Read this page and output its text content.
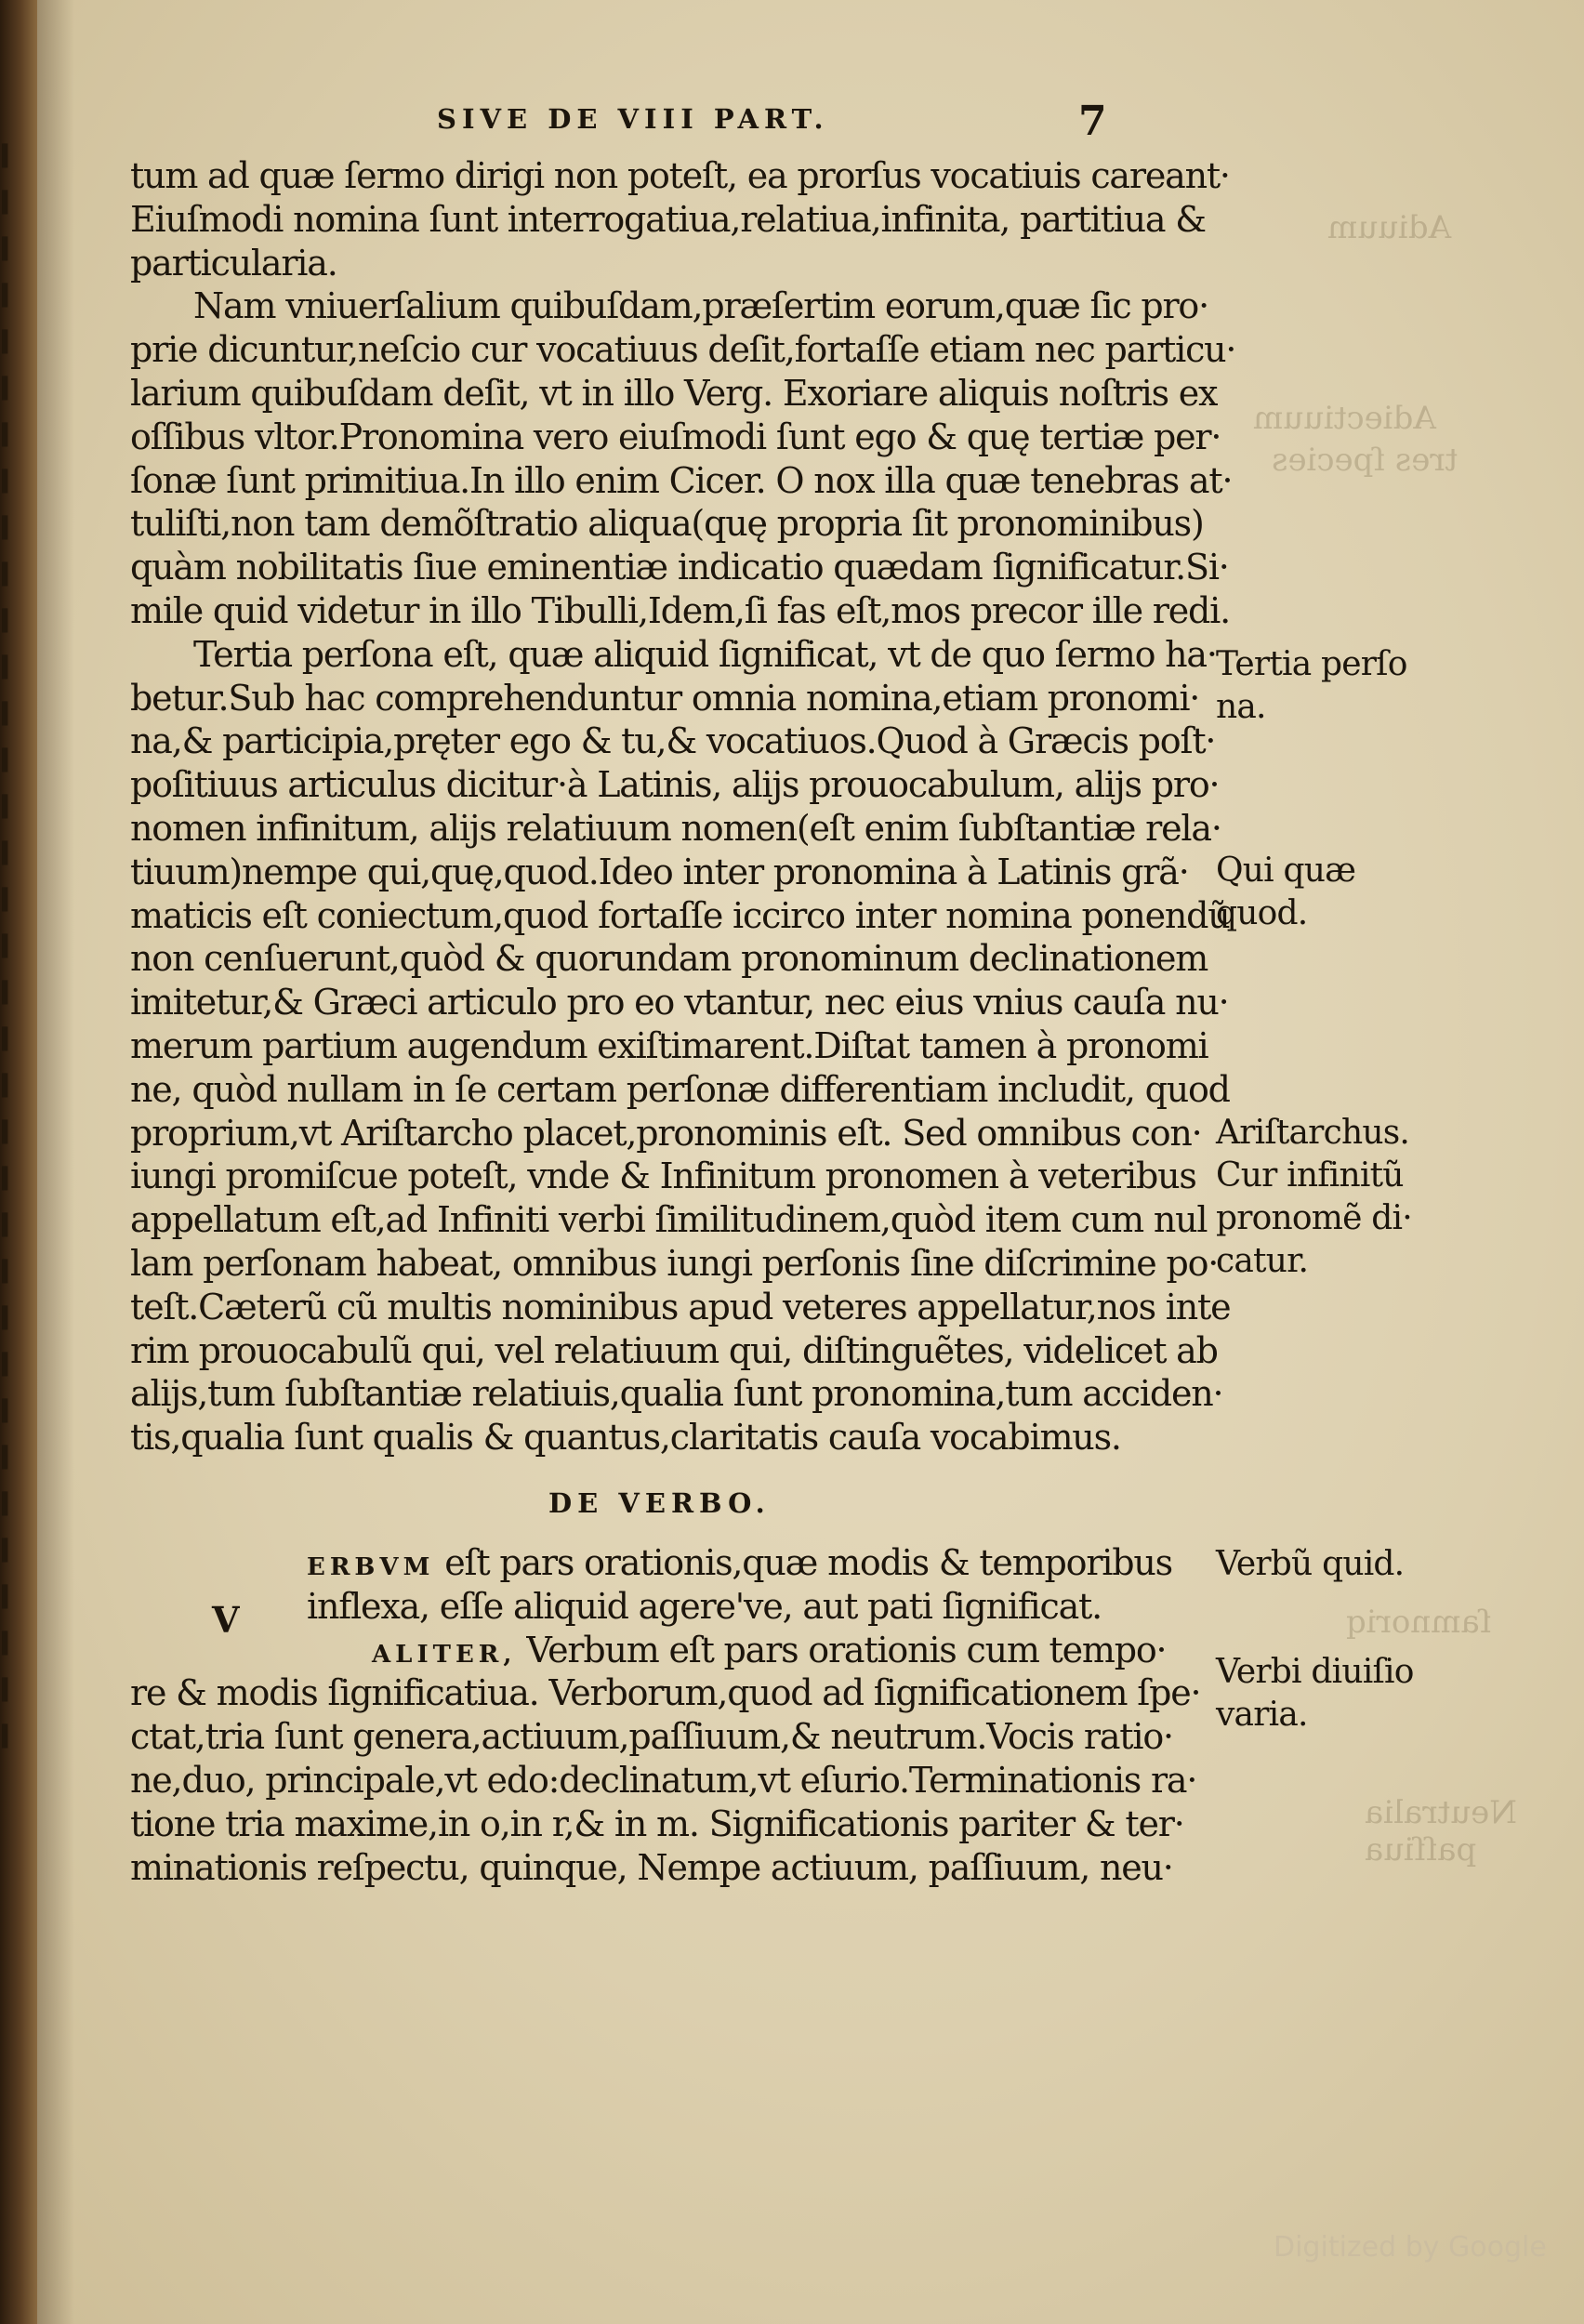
▍
▍
▍
▍
▍
▍
▍
▍
▍
▍
▍
▍
▍
▍
▍
▍
▍
▍
▍
▍
▍
▍
▍
▍
▍
▍
▍
▍
▍
▍
▍
▍
▍
▍
▍
SIVE DE VIII PART.	7
tum ad quæ ſermo dirigi non poteſt, ea prorſus vocatiuis careant·
Eiuſmodi nomina ſunt interrogatiua,relatiua,infinita, partitiua &
particularia.
Nam vniuerſalium quibuſdam,præſertim eorum,quæ ſic pro·
prie dicuntur,neſcio cur vocatiuus deſit,fortaſſe etiam nec particu·
larium quibuſdam deſit, vt in illo Verg. Exoriare aliquis noſtris ex
oſſibus vltor.Pronomina vero eiuſmodi ſunt ego & quę tertiæ per·
ſonæ ſunt primitiua.In illo enim Cicer. O nox illa quæ tenebras at·
tuliſti,non tam demõſtratio aliqua(quę propria ſit pronominibus)
quàm nobilitatis ſiue eminentiæ indicatio quædam ſignificatur.Si·
mile quid videtur in illo Tibulli,Idem,ſi fas eſt,mos precor ille redi.
Tertia perſona eſt, quæ aliquid ſignificat, vt de quo ſermo ha·
betur.Sub hac comprehenduntur omnia nomina,etiam pronomi·
na,& participia,pręter ego & tu,& vocatiuos.Quod à Græcis poſt·
poſitiuus articulus dicitur·à Latinis, alijs prouocabulum, alijs pro·
nomen infinitum, alijs relatiuum nomen(eſt enim ſubſtantiæ rela·
tiuum)nempe qui,quę,quod.Ideo inter pronomina à Latinis grã·
maticis eſt coniectum,quod fortaſſe iccirco inter nomina ponendũ
non cenſuerunt,quòd & quorundam pronominum declinationem
imitetur,& Græci articulo pro eo vtantur, nec eius vnius cauſa nu·
merum partium augendum exiſtimarent.Diſtat tamen à pronomi
ne, quòd nullam in ſe certam perſonæ differentiam includit, quod
proprium,vt Ariſtarcho placet,pronominis eſt. Sed omnibus con·
iungi promiſcue poteſt, vnde & Infinitum pronomen à veteribus
appellatum eſt,ad Infiniti verbi ſimilitudinem,quòd item cum nul
lam perſonam habeat, omnibus iungi perſonis ſine diſcrimine po·
teſt.Cæterũ cũ multis nominibus apud veteres appellatur,nos inte
rim prouocabulũ qui, vel relatiuum qui, diſtinguẽtes, videlicet ab
alijs,tum ſubſtantiæ relatiuis,qualia ſunt pronomina,tum acciden·
tis,qualia ſunt qualis & quantus,claritatis cauſa vocabimus.
DE VERBO.
V
ERBVM eſt pars orationis,quæ modis & temporibus
inflexa, eſſe aliquid agere've, aut pati ſignificat.
ALITER, Verbum eſt pars orationis cum tempo·
re & modis ſignificatiua. Verborum,quod ad ſignificationem ſpe·
ctat,tria ſunt genera,actiuum,paſſiuum,& neutrum.Vocis ratio·
ne,duo, principale,vt edo:declinatum,vt eſurio.Terminationis ra·
tione tria maxime,in o,in r,& in m. Significationis pariter & ter·
minationis reſpectu, quinque, Nempe actiuum, paſſiuum, neu·
Adiuum
Adiectiuum
tres ſpecies
Tertia perſo
na.
Qui quæ
quod.
Ariſtarchus.
Cur infinitũ
pronomẽ di·
catur.
Verbũ quid.
Verbi diuiſio
varia.
ſamnoriq
Neutralia
paſſiua
Digitized by Google
